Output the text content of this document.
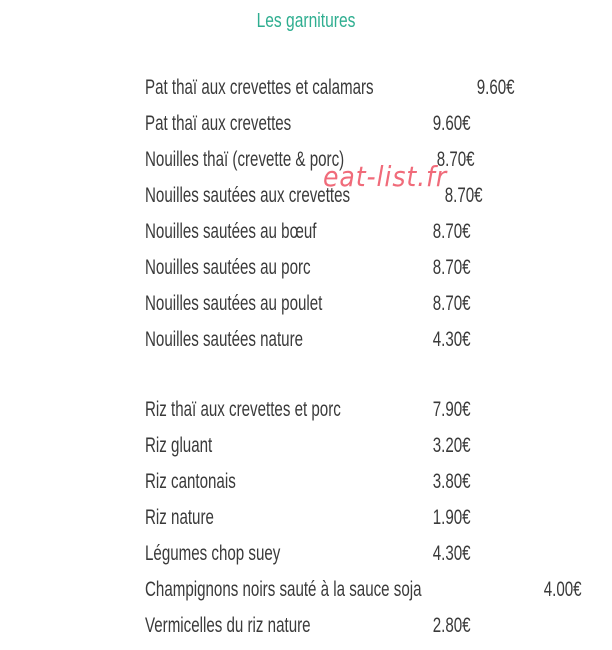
Les garnitures
Pat thaï aux crevettes et calamars	9.60€
Pat thaï aux crevettes	9.60€
Nouilles thaï (crevette & porc)	8.70€
Nouilles sautées aux crevettes	8.70€
Nouilles sautées au bœuf	8.70€
Nouilles sautées au porc	8.70€
Nouilles sautées au poulet	8.70€
Nouilles sautées nature	4.30€
Riz thaï aux crevettes et porc	7.90€
Riz gluant	3.20€
Riz cantonais	3.80€
Riz nature	1.90€
Légumes chop suey	4.30€
Champignons noirs sauté à la sauce soja	4.00€
Vermicelles du riz nature	2.80€
eat-list.fr
